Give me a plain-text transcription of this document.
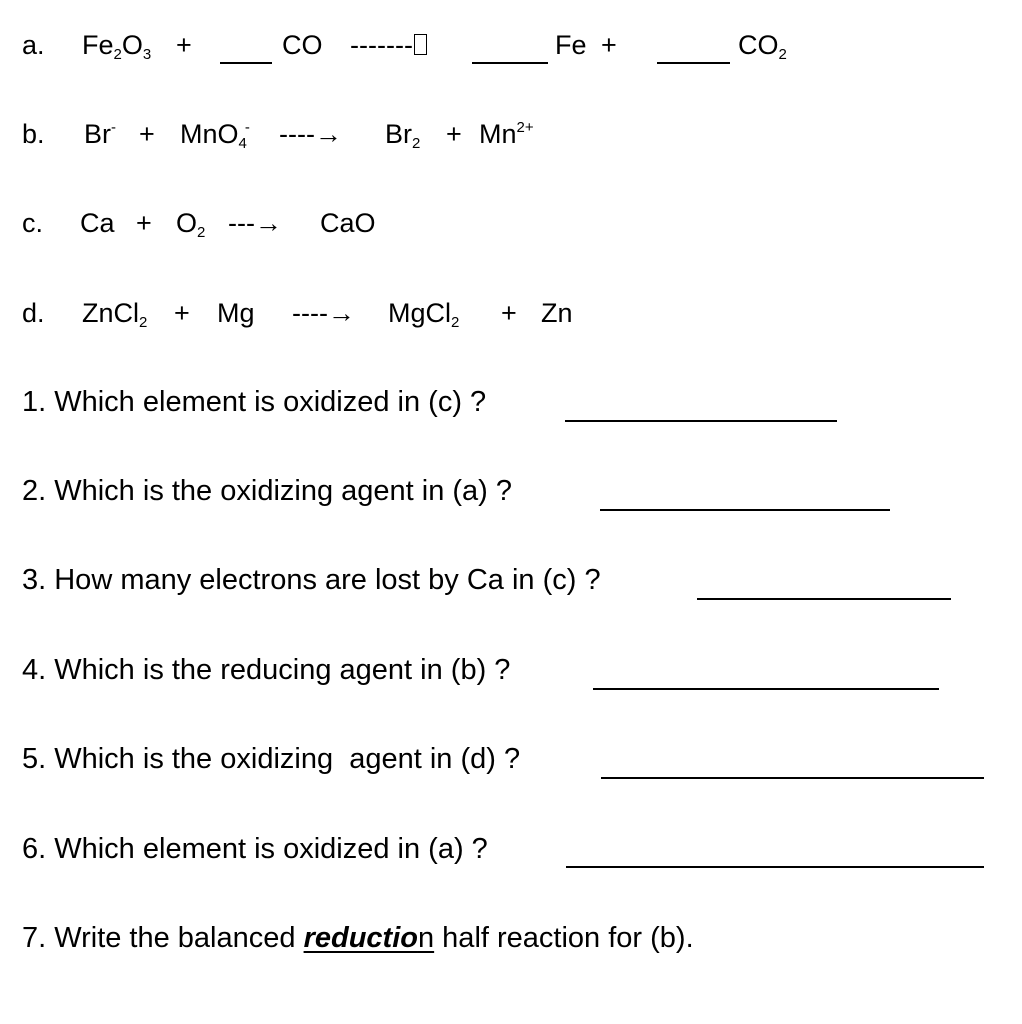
a. $Fe_2O_3$ +	CO -------	Fe +	$CO_2$
b. Br- + MnO$_4$- ----→ $Br_2 + Mn^{2+}$
c. $Ca + O_2$ ---→ CaO
d. ZnCl$_2$ + Mg ----→ MgCl$_2$ + Zn
1. Which element is oxidized in (c) ?
2. Which is the oxidizing agent in (a) ?
3. How many electrons are lost by Ca in (c) ?
4. Which is the reducing agent in (b) ?
5. Which is the oxidizing  agent in (d) ?
6. Which element is oxidized in (a) ?
7. Write the balanced reduction half reaction for (b).
